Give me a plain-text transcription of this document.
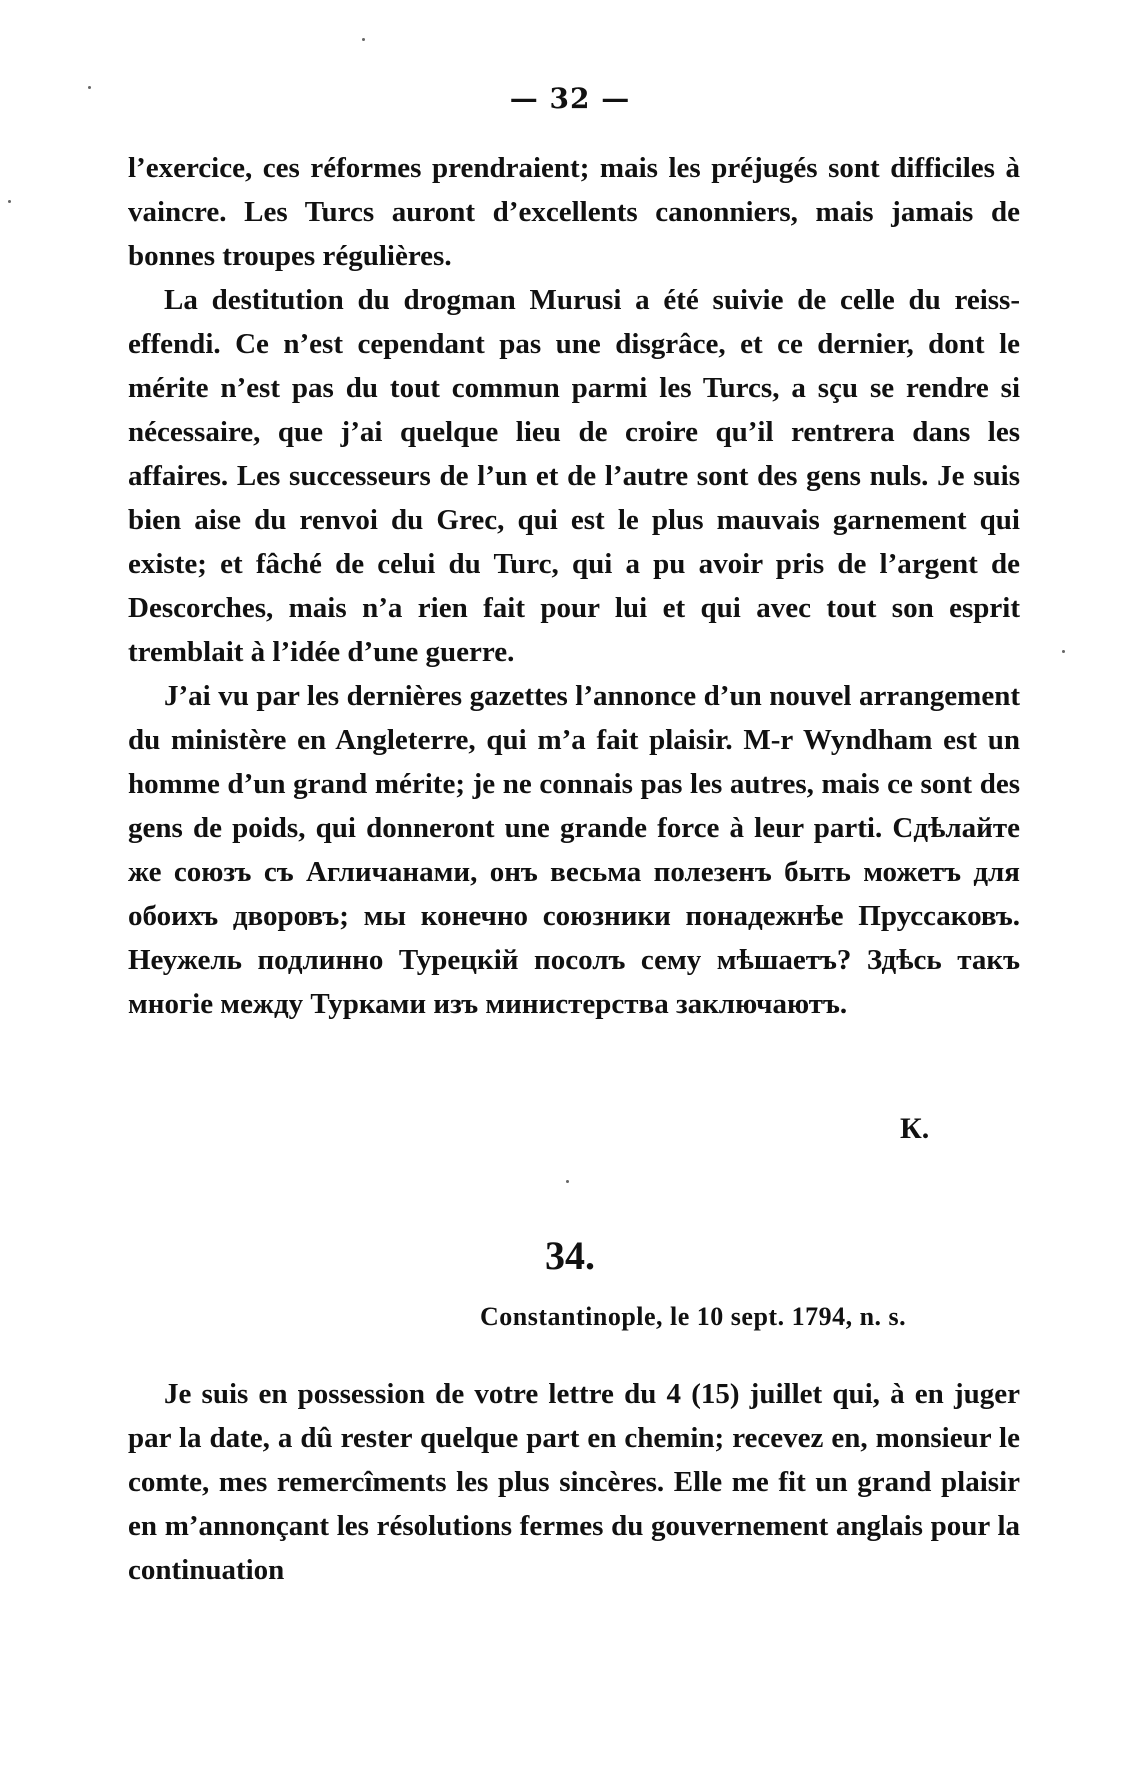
— 32 —

l’exercice, ces réformes prendraient; mais les préjugés sont difficiles à vaincre. Les Turcs auront d’excellents canonniers, mais jamais de bonnes troupes régulières.

La destitution du drogman Murusi a été suivie de celle du reiss-effendi. Ce n’est cependant pas une disgrâce, et ce dernier, dont le mérite n’est pas du tout commun parmi les Turcs, a sçu se rendre si nécessaire, que j’ai quelque lieu de croire qu’il rentrera dans les affaires. Les successeurs de l’un et de l’autre sont des gens nuls. Je suis bien aise du renvoi du Grec, qui est le plus mauvais garnement qui existe; et fâché de celui du Turc, qui a pu avoir pris de l’argent de Descorches, mais n’a rien fait pour lui et qui avec tout son esprit tremblait à l’idée d’une guerre.

J’ai vu par les dernières gazettes l’annonce d’un nouvel arrangement du ministère en Angleterre, qui m’a fait plaisir. M-r Wyndham est un homme d’un grand mérite; je ne connais pas les autres, mais ce sont des gens de poids, qui donneront une grande force à leur parti. Сдѣлайте же союзъ съ Агличанами, онъ весьма полезенъ быть можетъ для обоихъ дворовъ; мы конечно союзники понадежнѣе Пруссаковъ. Неужель подлинно Турецкій посолъ сему мѣшаетъ? Здѣсь такъ многіе между Турками изъ министерства заключаютъ.

К.
34.
Constantinople, le 10 sept. 1794, n. s.

Je suis en possession de votre lettre du 4 (15) juillet qui, à en juger par la date, a dû rester quelque part en chemin; recevez en, monsieur le comte, mes remercîments les plus sincères. Elle me fit un grand plaisir en m’annonçant les résolutions fermes du gouvernement anglais pour la continuation
